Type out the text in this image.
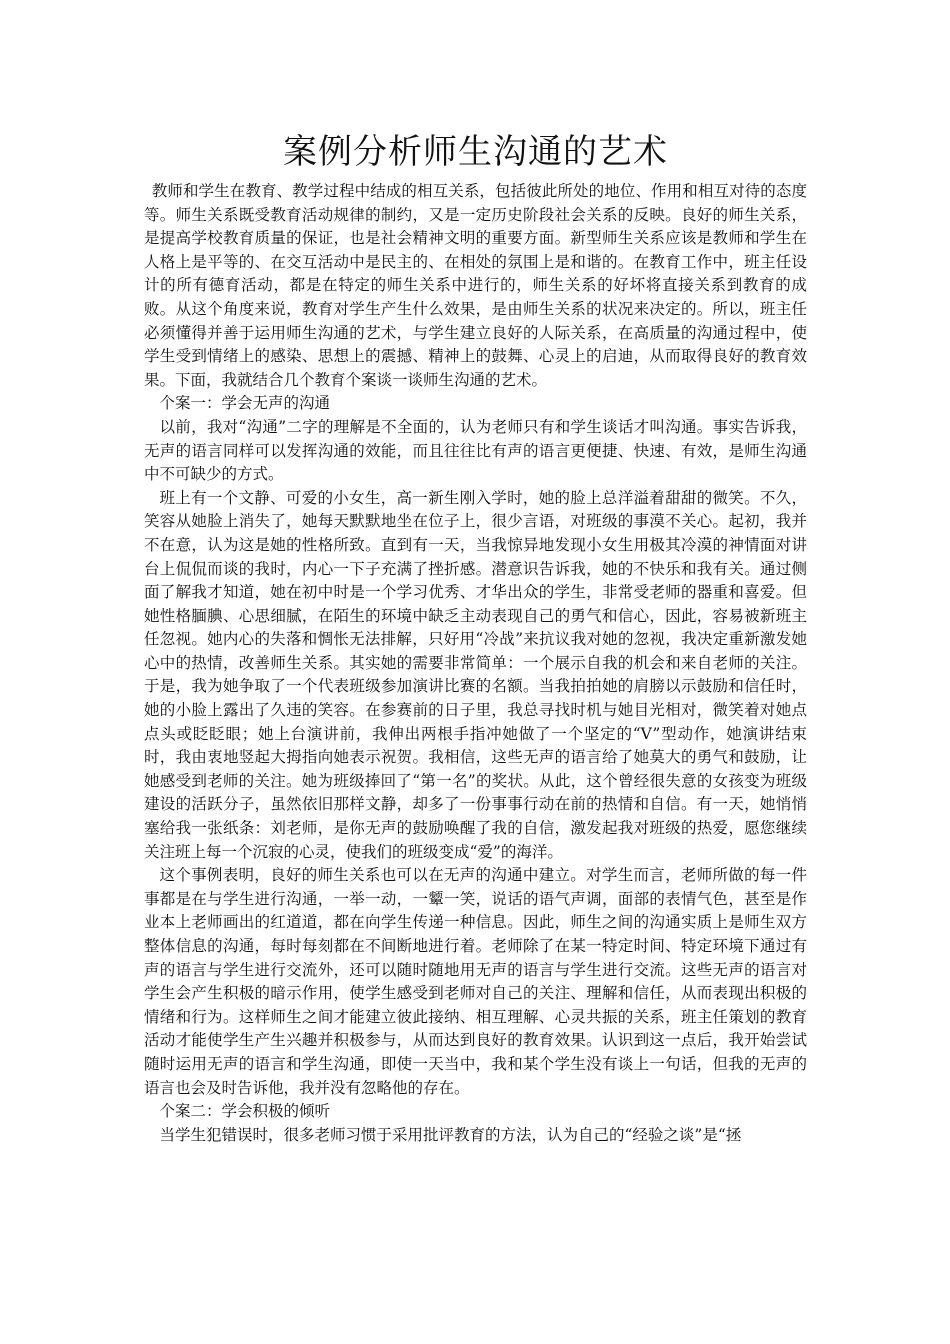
案例分析师生沟通的艺术

教师和学生在教育、教学过程中结成的相互关系，包括彼此所处的地位、作用和相互对待的态度等。师生关系既受教育活动规律的制约，又是一定历史阶段社会关系的反映。良好的师生关系，是提高学校教育质量的保证，也是社会精神文明的重要方面。新型师生关系应该是教师和学生在人格上是平等的、在交互活动中是民主的、在相处的氛围上是和谐的。在教育工作中，班主任设计的所有德育活动，都是在特定的师生关系中进行的，师生关系的好坏将直接关系到教育的成败。从这个角度来说，教育对学生产生什么效果，是由师生关系的状况来决定的。所以，班主任必须懂得并善于运用师生沟通的艺术，与学生建立良好的人际关系，在高质量的沟通过程中，使学生受到情绪上的感染、思想上的震撼、精神上的鼓舞、心灵上的启迪，从而取得良好的教育效果。下面，我就结合几个教育个案谈一谈师生沟通的艺术。

个案一：学会无声的沟通

以前，我对“沟通”二字的理解是不全面的，认为老师只有和学生谈话才叫沟通。事实告诉我，无声的语言同样可以发挥沟通的效能，而且往往比有声的语言更便捷、快速、有效，是师生沟通中不可缺少的方式。

班上有一个文静、可爱的小女生，高一新生刚入学时，她的脸上总洋溢着甜甜的微笑。不久，笑容从她脸上消失了，她每天默默地坐在位子上，很少言语，对班级的事漠不关心。起初，我并不在意，认为这是她的性格所致。直到有一天，当我惊异地发现小女生用极其冷漠的神情面对讲台上侃侃而谈的我时，内心一下子充满了挫折感。潜意识告诉我，她的不快乐和我有关。通过侧面了解我才知道，她在初中时是一个学习优秀、才华出众的学生，非常受老师的器重和喜爱。但她性格腼腆、心思细腻，在陌生的环境中缺乏主动表现自己的勇气和信心，因此，容易被新班主任忽视。她内心的失落和惆怅无法排解，只好用“冷战”来抗议我对她的忽视，我决定重新激发她心中的热情，改善师生关系。其实她的需要非常简单：一个展示自我的机会和来自老师的关注。于是，我为她争取了一个代表班级参加演讲比赛的名额。当我拍拍她的肩膀以示鼓励和信任时，她的小脸上露出了久违的笑容。在参赛前的日子里，我总寻找时机与她目光相对，微笑着对她点点头或眨眨眼；她上台演讲前，我伸出两根手指冲她做了一个坚定的“V”型动作，她演讲结束时，我由衷地竖起大拇指向她表示祝贺。我相信，这些无声的语言给了她莫大的勇气和鼓励，让她感受到老师的关注。她为班级捧回了“第一名”的奖状。从此，这个曾经很失意的女孩变为班级建设的活跃分子，虽然依旧那样文静，却多了一份事事行动在前的热情和自信。有一天，她悄悄塞给我一张纸条：刘老师，是你无声的鼓励唤醒了我的自信，激发起我对班级的热爱，愿您继续关注班上每一个沉寂的心灵，使我们的班级变成“爱”的海洋。

这个事例表明，良好的师生关系也可以在无声的沟通中建立。对学生而言，老师所做的每一件事都是在与学生进行沟通，一举一动，一颦一笑，说话的语气声调，面部的表情气色，甚至是作业本上老师画出的红道道，都在向学生传递一种信息。因此，师生之间的沟通实质上是师生双方整体信息的沟通，每时每刻都在不间断地进行着。老师除了在某一特定时间、特定环境下通过有声的语言与学生进行交流外，还可以随时随地用无声的语言与学生进行交流。这些无声的语言对学生会产生积极的暗示作用，使学生感受到老师对自己的关注、理解和信任，从而表现出积极的情绪和行为。这样师生之间才能建立彼此接纳、相互理解、心灵共振的关系，班主任策划的教育活动才能使学生产生兴趣并积极参与，从而达到良好的教育效果。认识到这一点后，我开始尝试随时运用无声的语言和学生沟通，即使一天当中，我和某个学生没有谈上一句话，但我的无声的语言也会及时告诉他，我并没有忽略他的存在。

个案二：学会积极的倾听

当学生犯错误时，很多老师习惯于采用批评教育的方法，认为自己的“经验之谈”是“拯
